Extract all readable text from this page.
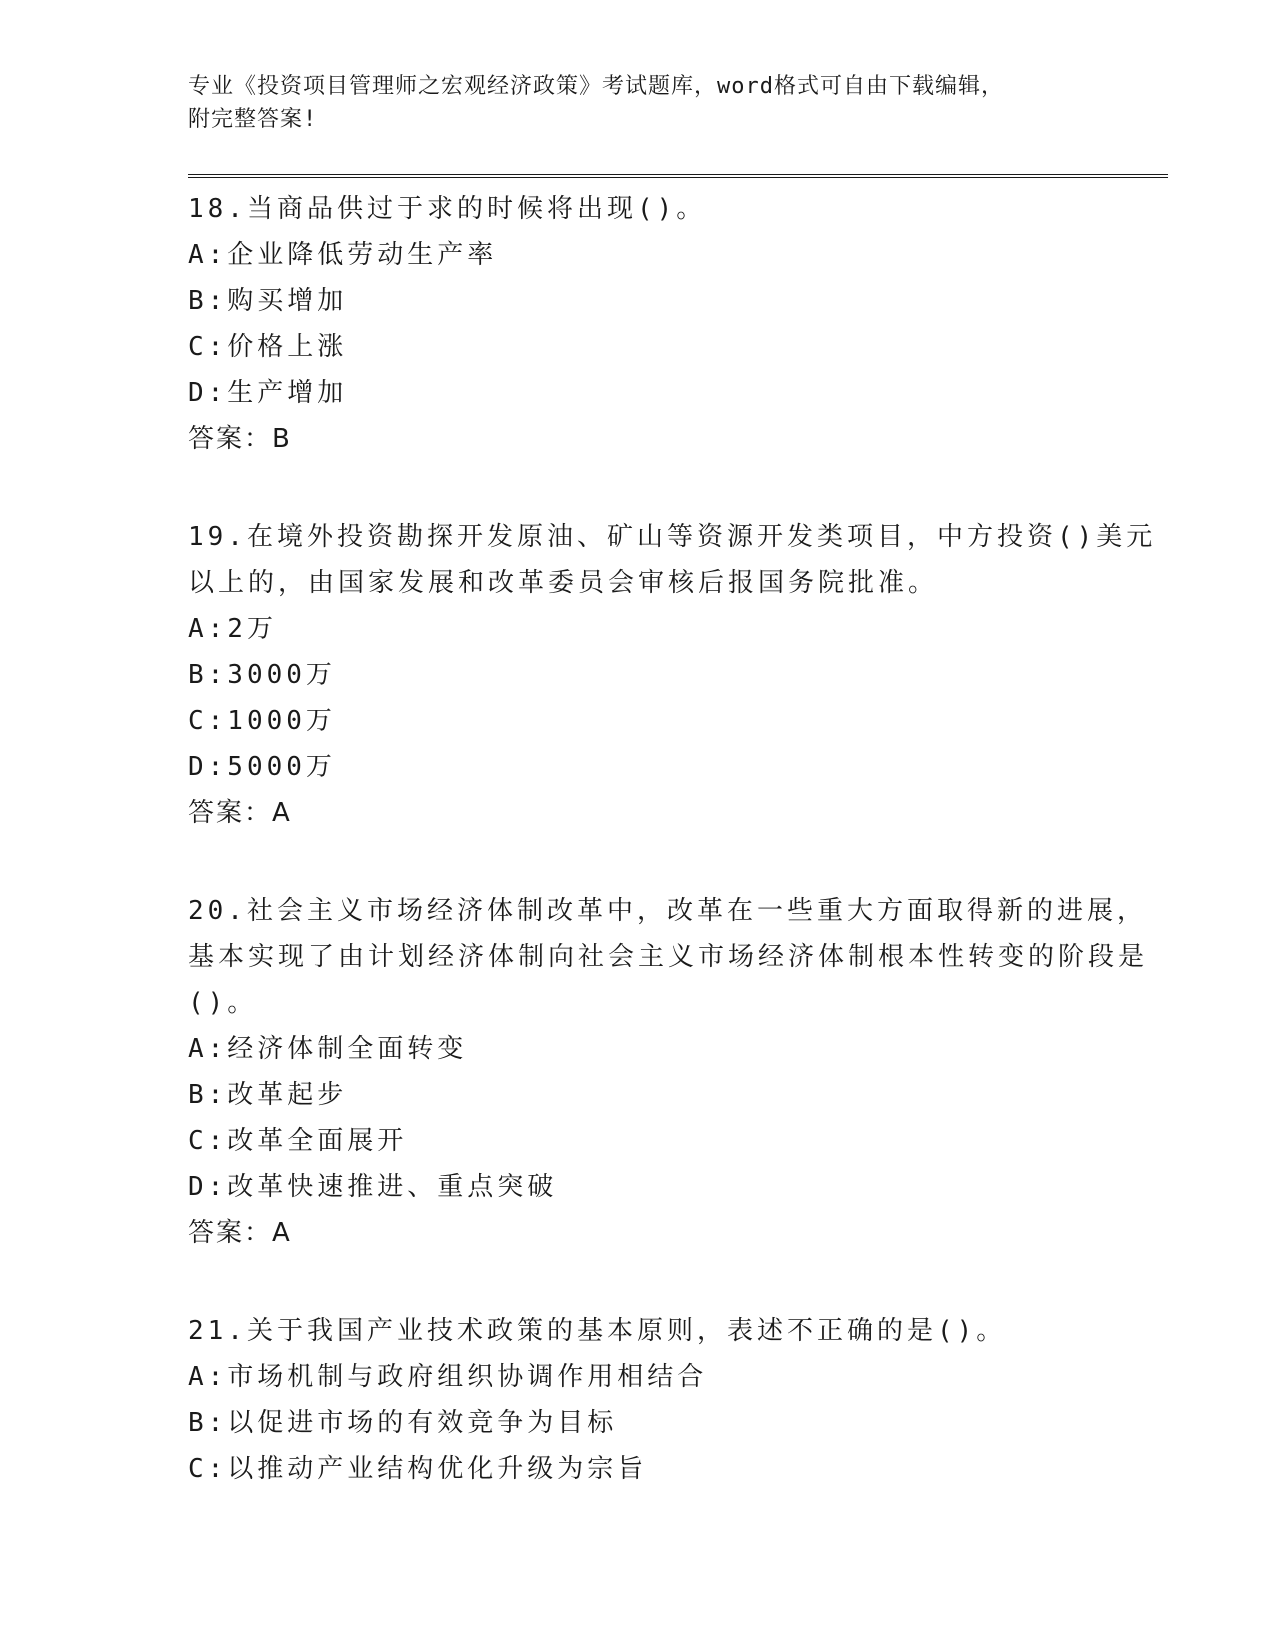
专业《投资项目管理师之宏观经济政策》考试题库，word格式可自由下载编辑，

附完整答案!

18.当商品供过于求的时候将出现()。

A:企业降低劳动生产率

B:购买增加

C:价格上涨

D:生产增加

答案：B

19.在境外投资勘探开发原油、矿山等资源开发类项目，中方投资()美元以上的，由国家发展和改革委员会审核后报国务院批准。

A:2万

B:3000万

C:1000万

D:5000万

答案：A

20.社会主义市场经济体制改革中，改革在一些重大方面取得新的进展，基本实现了由计划经济体制向社会主义市场经济体制根本性转变的阶段是()。

A:经济体制全面转变

B:改革起步

C:改革全面展开

D:改革快速推进、重点突破

答案：A

21.关于我国产业技术政策的基本原则，表述不正确的是()。

A:市场机制与政府组织协调作用相结合

B:以促进市场的有效竞争为目标

C:以推动产业结构优化升级为宗旨
